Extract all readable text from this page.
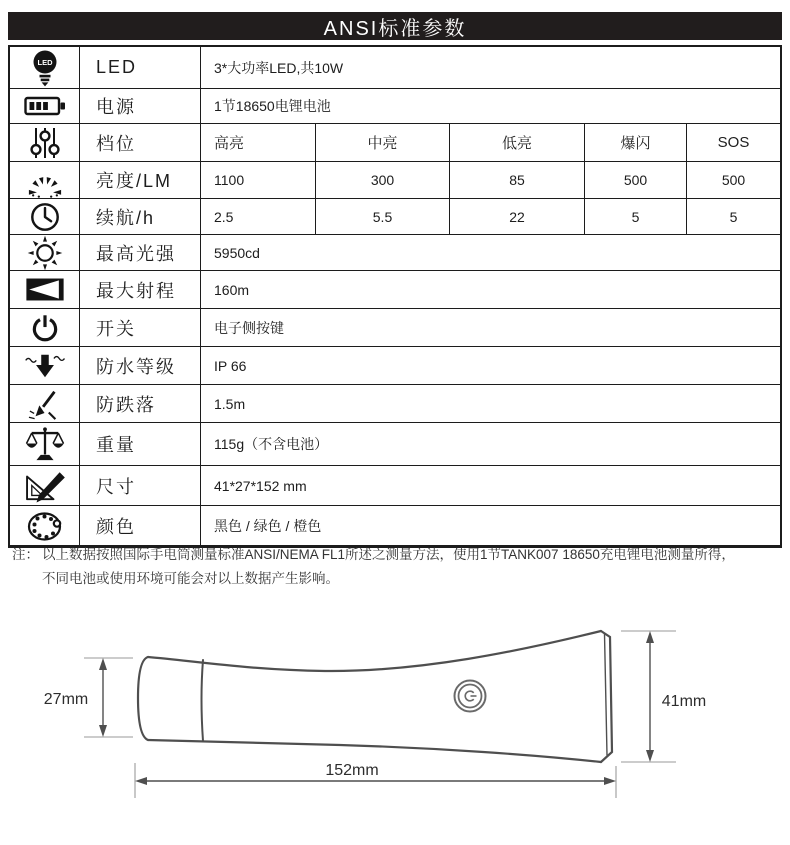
ANSI标准参数
LED	LED	3*大功率LED,共10W
电源	1节18650电锂电池
档位	高亮	中亮	低亮	爆闪	SOS
亮度/LM	1100	300	85	500	500
续航/h	2.5	5.5	22	5	5
最高光强	5950cd
最大射程	160m
开关	电子侧按键
防水等级	IP 66
防跌落	1.5m
重量	115g（不含电池）
尺寸	41*27*152 mm
颜色	黑色 / 绿色 / 橙色
注： 以上数据按照国际手电筒测量标准ANSI/NEMA FL1所述之测量方法，使用1节TANK007 18650充电锂电池测量所得，
不同电池或使用环境可能会对以上数据产生影响。
27mm	41mm
152mm
